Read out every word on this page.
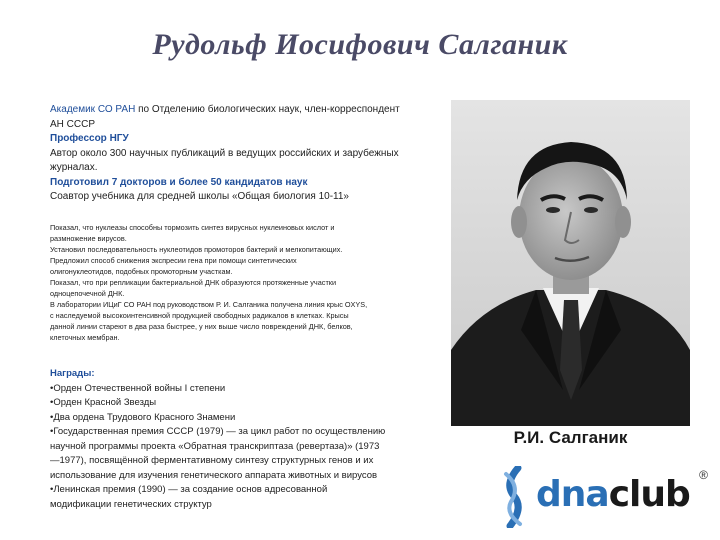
Рудольф Иосифович Салганик
Академик СО РАН по Отделению биологических наук, член-корреспондент
АН СССР
Профессор НГУ
Автор около 300 научных публикаций в ведущих российских и зарубежных
журналах.
Подготовил 7 докторов и более 50 кандидатов наук
Соавтор учебника для средней школы «Общая биология 10-11»
Показал, что нуклеазы способны тормозить синтез вирусных нуклеиновых кислот и
размножение вирусов.
Установил последовательность нуклеотидов промоторов бактерий и мелкопитающих.
Предложил способ снижения экспресии гена при помощи синтетических
олигонуклеотидов, подобных промоторным участкам.
Показал, что при репликации бактериальной ДНК образуются протяженные участки
одноцепочечной ДНК.
В лаборатории ИЦиГ СО РАН под руководством Р. И. Салганика получена линия крыс OXYS,
с наследуемой высокоинтенсивной продукцией свободных радикалов в клетках. Крысы
данной линии стареют в два раза быстрее, у них выше число повреждений ДНК, белков,
клеточных мембран.
Награды:
•Орден Отечественной войны I степени
•Орден Красной Звезды
•Два ордена Трудового Красного Знамени
•Государственная премия СССР (1979) — за цикл работ по осуществлению
научной программы проекта «Обратная транскриптаза (ревертаза)» (1973
—1977), посвящённой ферментативному синтезу структурных генов и их
использование для изучения генетического аппарата животных и вирусов
•Ленинская премия (1990) — за создание основ адресованной
модификации генетических структур
Р.И. Салганик
dnaclub ®
